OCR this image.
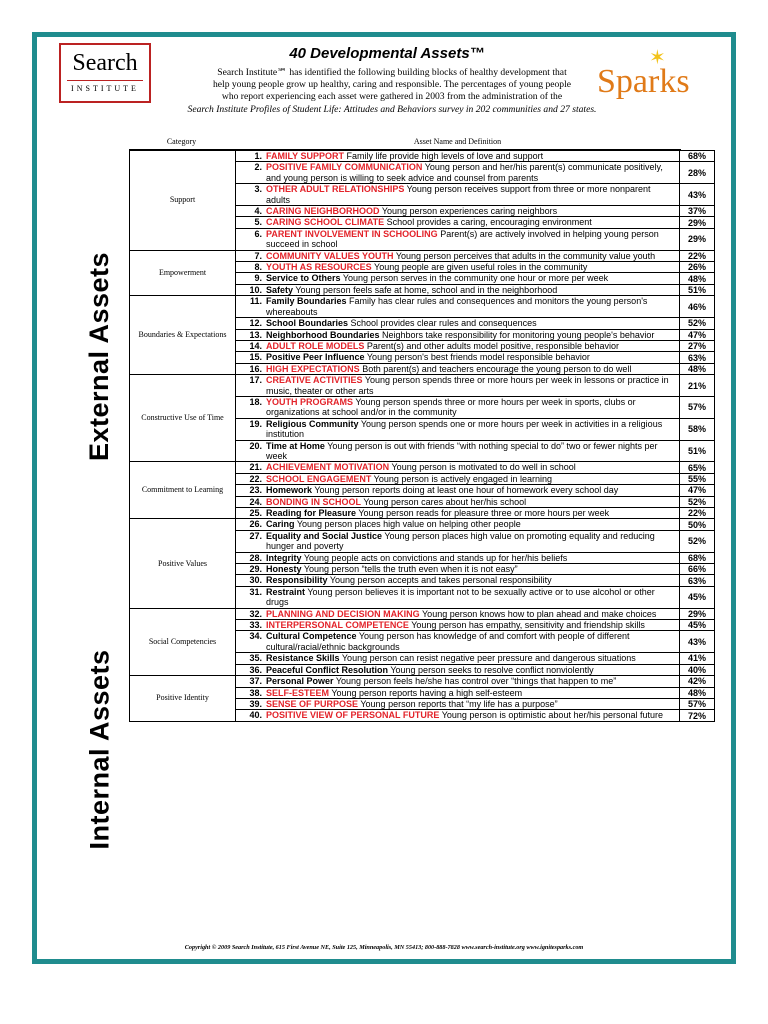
Search
INSTITUTE
40 Developmental Assets™
Search Institute℠ has identified the following building blocks of healthy development that
help young people grow up healthy, caring and responsible. The percentages of young people
who report experiencing each asset were gathered in 2003 from the administration of the
Search Institute Profiles of Student Life: Attitudes and Behaviors survey in 202 communities and 27 states.
✶
Sparks
External Assets
Internal Assets
Category	Asset Name and Definition
Support	1. FAMILY SUPPORT Family life provide high levels of love and support	68%

	2. POSITIVE FAMILY COMMUNICATION Young person and her/his parent(s) communicate positively, and young person is willing to seek advice and counsel from parents	28%

	3. OTHER ADULT RELATIONSHIPS Young person receives support from three or more nonparent adults	43%

	4. CARING NEIGHBORHOOD Young person experiences caring neighbors	37%

	5. CARING SCHOOL CLIMATE School provides a caring, encouraging environment	29%

	6. PARENT INVOLVEMENT IN SCHOOLING Parent(s) are actively involved in helping young person succeed in school	29%
Empowerment	7. COMMUNITY VALUES YOUTH Young person perceives that adults in the community value youth	22%

	8. YOUTH AS RESOURCES Young people are given useful roles in the community	26%

	9. Service to Others Young person serves in the community one hour or more per week	48%

	10. Safety Young person feels safe at home, school and in the neighborhood	51%
Boundaries & Expectations	11. Family Boundaries Family has clear rules and consequences and monitors the young person's whereabouts	46%

	12. School Boundaries School provides clear rules and consequences	52%

	13. Neighborhood Boundaries Neighbors take responsibility for monitoring young people's behavior	47%

	14. ADULT ROLE MODELS Parent(s) and other adults model positive, responsible behavior	27%

	15. Positive Peer Influence Young person's best friends model responsible behavior	63%

	16. HIGH EXPECTATIONS Both parent(s) and teachers encourage the young person to do well	48%
Constructive Use of Time	17. CREATIVE ACTIVITIES Young person spends three or more hours per week in lessons or practice in music, theater or other arts	21%

	18. YOUTH PROGRAMS Young person spends three or more hours per week in sports, clubs or organizations at school and/or in the community	57%

	19. Religious Community Young person spends one or more hours per week in activities in a religious institution	58%

	20. Time at Home Young person is out with friends “with nothing special to do” two or fewer nights per week	51%
Commitment to Learning	21. ACHIEVEMENT MOTIVATION Young person is motivated to do well in school	65%

	22. SCHOOL ENGAGEMENT Young person is actively engaged in learning	55%

	23. Homework Young person reports doing at least one hour of homework every school day	47%

	24. BONDING IN SCHOOL Young person cares about her/his school	52%

	25. Reading for Pleasure Young person reads for pleasure three or more hours per week	22%
Positive Values	26. Caring Young person places high value on helping other people	50%

	27. Equality and Social Justice Young person places high value on promoting equality and reducing hunger and poverty	52%

	28. Integrity Young people acts on convictions and stands up for her/his beliefs	68%

	29. Honesty Young person “tells the truth even when it is not easy”	66%

	30. Responsibility Young person accepts and takes personal responsibility	63%

	31. Restraint Young person believes it is important not to be sexually active or to use alcohol or other drugs	45%
Social Competencies	32. PLANNING AND DECISION MAKING Young person knows how to plan ahead and make choices	29%

	33. INTERPERSONAL COMPETENCE Young person has empathy, sensitivity and friendship skills	45%

	34. Cultural Competence Young person has knowledge of and comfort with people of different cultural/racial/ethnic backgrounds	43%

	35. Resistance Skills Young person can resist negative peer pressure and dangerous situations	41%

	36. Peaceful Conflict Resolution Young person seeks to resolve conflict nonviolently	40%
Positive Identity	37. Personal Power Young person feels he/she has control over “things that happen to me”	42%

	38. SELF-ESTEEM Young person reports having a high self-esteem	48%

	39. SENSE OF PURPOSE Young person reports that “my life has a purpose”	57%

	40. POSITIVE VIEW OF PERSONAL FUTURE Young person is optimistic about her/his personal future	72%
Copyright © 2009 Search Institute, 615 First Avenue NE, Suite 125, Minneapolis, MN 55413; 800-888-7828 www.search-institute.org www.ignitesparks.com
